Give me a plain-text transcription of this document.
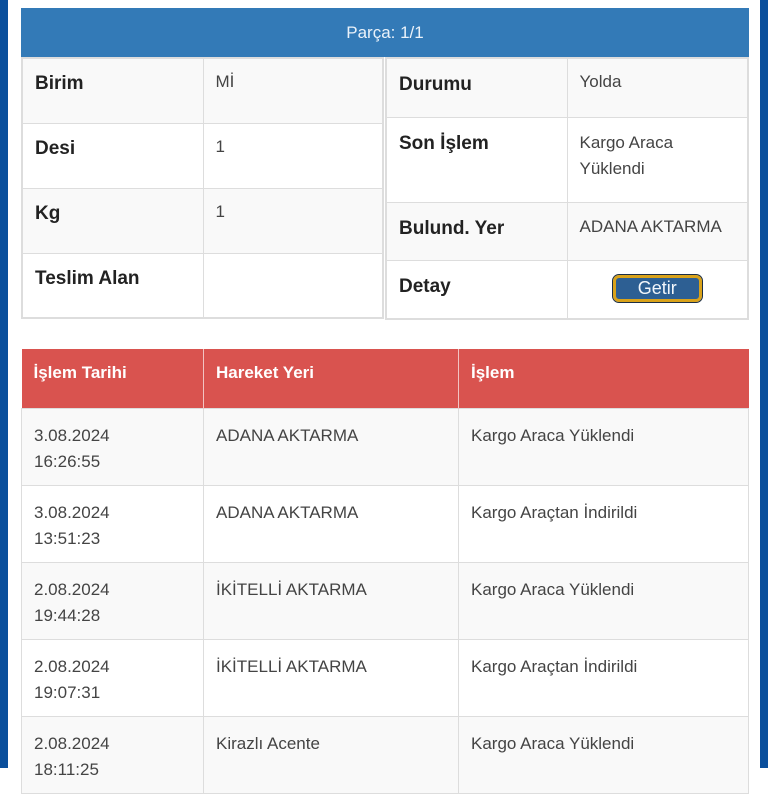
Parça: 1/1
Birim	Mİ
Desi	1
Kg	1
Teslim Alan	
Durumu	Yolda
Son İşlem	Kargo Araca Yüklendi
Bulund. Yer	ADANA AKTARMA
Detay	Getir
İşlem Tarihi	Hareket Yeri	İşlem

3.08.2024
16:26:55	ADANA AKTARMA	Kargo Araca Yüklendi

3.08.2024
13:51:23	ADANA AKTARMA	Kargo Araçtan İndirildi

2.08.2024
19:44:28	İKİTELLİ AKTARMA	Kargo Araca Yüklendi

2.08.2024
19:07:31	İKİTELLİ AKTARMA	Kargo Araçtan İndirildi

2.08.2024
18:11:25	Kirazlı Acente	Kargo Araca Yüklendi
